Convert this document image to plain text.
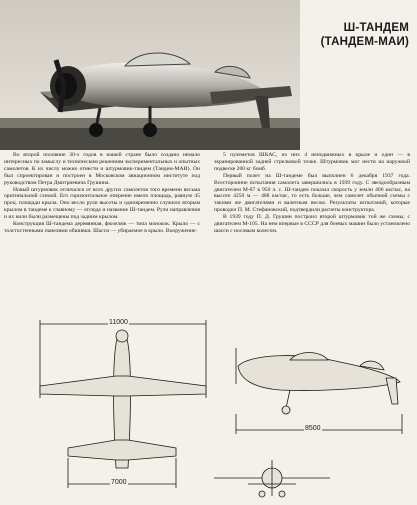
Ш-ТАНДЕМ
(ТАНДЕМ-МАИ)

Во второй половине 30-х годов в нашей стране было создано немало интересных по замыслу и техническим решениям экспериментальных и опытных самолетов. К их числу можно отнести и штурмовик-тандем (Тандем-МАИ). Он был спроектирован и построен в Московском авиационном институте под руководством Петра Дмитриевича Грушина.

Новый штурмовик отличался от всех других самолетов того времени весьма оригинальной схемой. Его горизонтальное оперение имело площадь, равную 45 проц. площади крыла. Оно весло рули высоты и одновременно служило вторым крылом в тандеме к главному — отсюда и название Ш-тандем. Рули направления и их кили были размещены под задним крылом.

Конструкция Ш-тандема деревянная, фюзеляж — типа монокок. Крыло — с толстостенными панелями обшивки. Шасси — убираемое в крыло. Вооружение:

5 пулеметов ШКАС, из них 4 неподвижных в крыле и один — в экранированной задней стрелковой точке. Штурмовик мог нести на наружной подвеске 200 кг бомб.

Первый полет на Ш-тандеме был выполнен 6 декабря 1937 года. Всесторонние испытания самолета завершились в 1939 году. С звездообразным двигателем М-87 в 950 л. с. Ш-тандем показал скорость у земли 406 км/час, на высоте 4250 м — 488 км/час, то есть больше, чем самолет обычной схемы с такими же двигателями и валетным весом. Результаты испытаний, которые проводил П. М. Стефановский, подтвердили расчеты конструктора.

В 1939 году П. Д. Грушин построил второй штурмовик той же схемы, с двигателем М-105. На нем впервые в СССР для боевых машин было установлено шасси с носовым колесом.

11000
8500
7000
